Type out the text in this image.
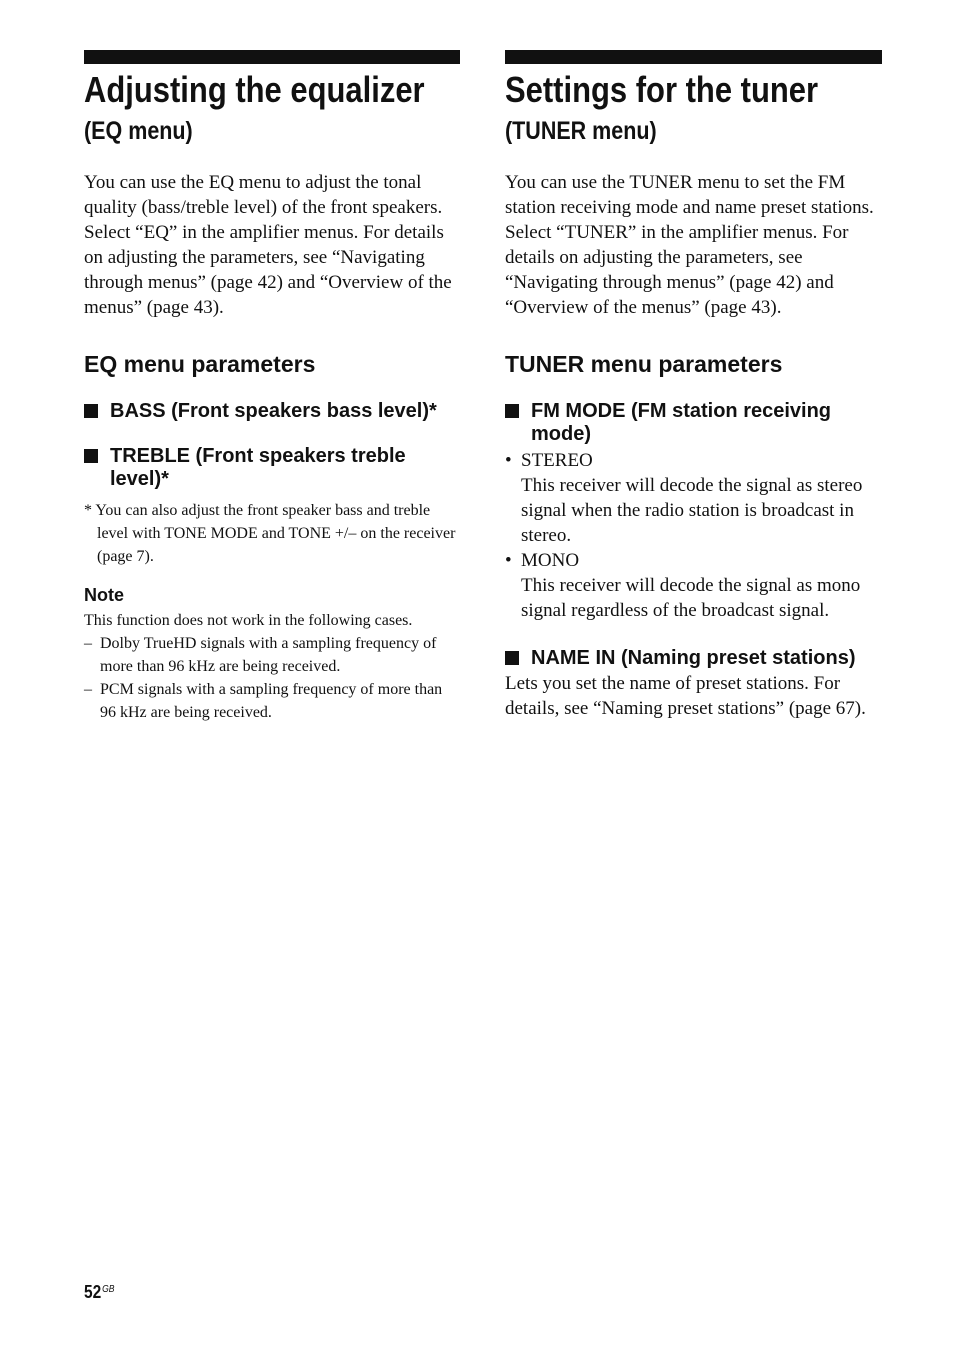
Adjusting the equalizer
(EQ menu)

You can use the EQ menu to adjust the tonal quality (bass/treble level) of the front speakers.

Select “EQ” in the amplifier menus. For details on adjusting the parameters, see “Navigating through menus” (page 42) and “Overview of the menus” (page 43).

EQ menu parameters
BASS (Front speakers bass level)*
TREBLE (Front speakers treble level)*

* You can also adjust the front speaker bass and treble level with TONE MODE and TONE +/– on the receiver (page 7).

Note

This function does not work in the following cases.

– Dolby TrueHD signals with a sampling frequency of more than 96 kHz are being received.
– PCM signals with a sampling frequency of more than 96 kHz are being received.
Settings for the tuner
(TUNER menu)

You can use the TUNER menu to set the FM station receiving mode and name preset stations.

Select “TUNER” in the amplifier menus. For details on adjusting the parameters, see “Navigating through menus” (page 42) and “Overview of the menus” (page 43).

TUNER menu parameters
FM MODE (FM station receiving mode)
• STEREO
This receiver will decode the signal as stereo signal when the radio station is broadcast in stereo.
• MONO
This receiver will decode the signal as mono signal regardless of the broadcast signal.
NAME IN (Naming preset stations)

Lets you set the name of preset stations. For details, see “Naming preset stations” (page 67).

$52^{GB}$
